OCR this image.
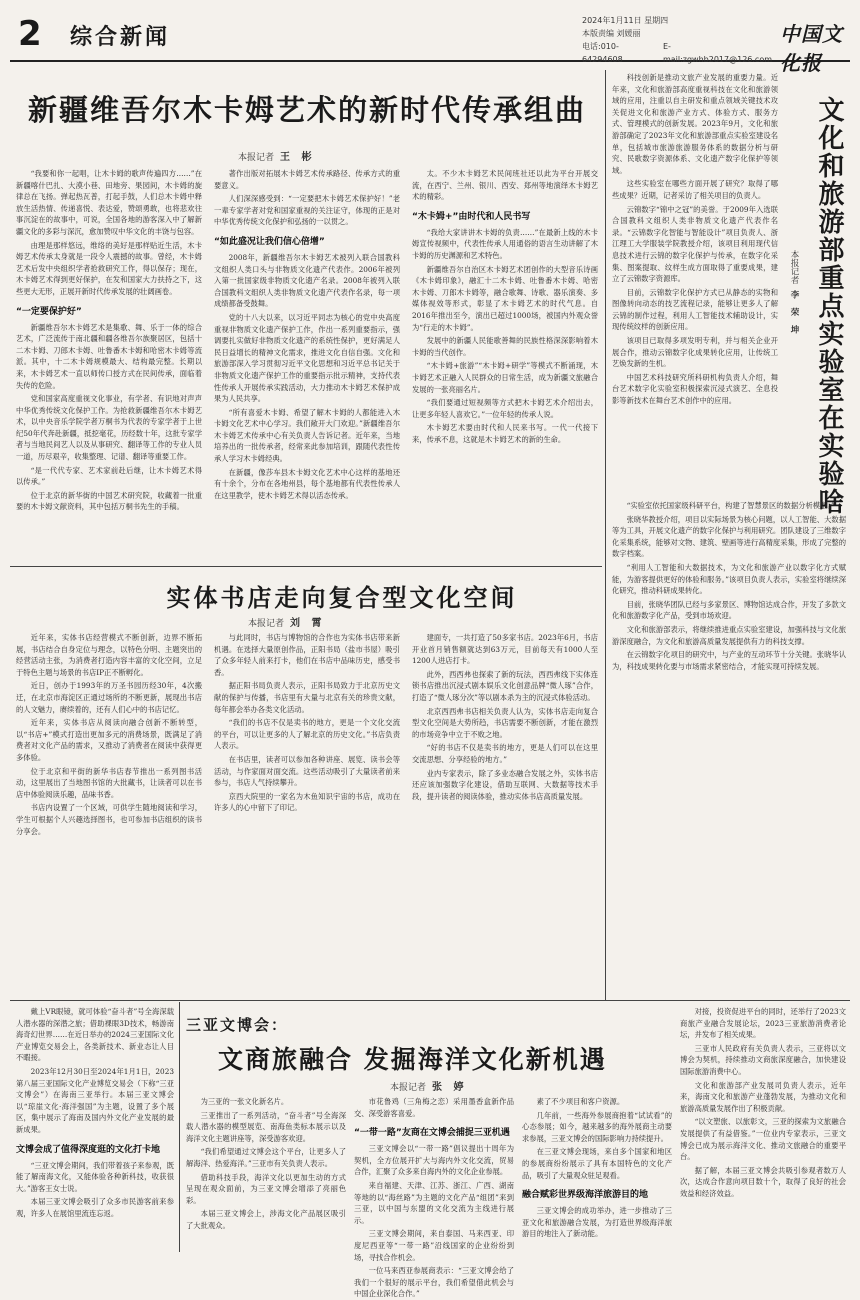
2 综合新闻
2024年1月11日 星期四
本版责编 刘媛丽
电话:010-64294608
E-mail:zgwhb2017@126.com
中国文化报
新疆维吾尔木卡姆艺术的新时代传承组曲
本报记者 王 彬

“我要和你一起唱，让木卡姆的歌声传遍四方……”在新疆喀什巴扎、大漠小巷、田地旁、果园间，木卡姆的旋律总在飞扬。弹起热瓦普，打起手鼓，人们总木卡姆中释放生活热情、传递喜悦、表达爱，赞颂勇敢，也将悲欢往事沉淀在的故事中，可说，全国各地的游客深入中了解新疆文化的多彩与深沉，愈加赞叹中华文化的丰饶与包容。

由理是那样悠远，维络的美好是那样贴近生活，木卡姆艺术传承太身就是一段令人震撼的故事。曾经，木卡姆艺术后发中央组织学者抢救研究工作，得以保存；现在，木卡姆艺术得到更好保护，在发和国家大力扶持之下，这些更大无形，正展开新时代传承发展的壮阔画卷。

“一定要保护好”

新疆维吾尔木卡姆艺术是集歌、舞、乐于一体的综合艺术，广泛流传于南北疆和疆各维吾尔族聚居区，包括十二木卡姆、刀郎木卡姆、吐鲁番木卡姆和哈密木卡姆等流派。其中，十二木卡姆规模最大、结构最完整。长期以来，木卡姆艺术一直以师传口授方式在民间传承，面临着失传的危险。

党和国家高度重视文化事业，有学者、有识地对声声中华优秀传统文化保护工作。为抢救新疆维吾尔木卡姆艺术，以中央音乐学院学者万桐书为代表的专家学者于上世纪50年代奔赴新疆，抵挖毫花，历经数十年，这批专家学者与当地民间艺人以及从事研究、翻译等工作的专业人员一道，历尽艰辛，收集整理、记谱、翻译等重要工作。

“是一代代专家、艺术家前赴后继，让木卡姆艺术得以传承。”

位于北京的新华街的中国艺术研究院，收藏着一批重要的木卡姆文献资料，其中包括万桐书先生的手稿。

著作出版对拓展木卡姆艺术传承路径、传承方式的重要意义。

人们深深感受到：“一定要把木卡姆艺术保护好！”老一辈专家学者对党和国家重视的关注证守，体现的正是对中华优秀传统文化保护和弘扬的一以贯之。

“如此盛况让我们信心倍增”

2008年，新疆维吾尔木卡姆艺术被列入联合国教科文组织人类口头与非物质文化遗产代表作。2006年被列入第一批国家级非物质文化遗产名录。2008年被列入联合国教科文组织人类非物质文化遗产代表作名录，每一项成绩都备受鼓舞。

党的十八大以来，以习近平同志为核心的党中央高度重视非物质文化遗产保护工作，作出一系列重要指示，强调要扎实做好非物质文化遗产的系统性保护，更好满足人民日益增长的精神文化需求，推进文化自信自强。文化和旅游部深入学习贯彻习近平文化思想和习近平总书记关于非物质文化遗产保护工作的重要指示批示精神，支持代表性传承人开展传承实践活动，大力推动木卡姆艺术保护成果为人民共享。

“所有喜爱木卡姆、希望了解木卡姆的人都能进入木卡姆文化艺术中心学习。我们敞开大门欢迎。”新疆维吾尔木卡姆艺术传承中心有关负责人告诉记者。近年来，当地培养出的一批传承者，经常来此参加培训，跟随代表性传承人学习木卡姆经典。

在新疆，像莎车县木卡姆文化艺术中心这样的基地还有十余个，分布在各地州县，每个基地都有代表性传承人在这里教学，使木卡姆艺术得以活态传承。

太。不少木卡姆艺术民间班社还以此为平台开展交流，在西宁、兰州、银川、西安、郑州等地演绎木卡姆艺术的精彩。

“木卡姆+”由时代和人民书写

“我给大家讲讲木卡姆的负责……”在最新上线的木卡姆宣传视频中，代表性传承人用通俗的语言生动讲解了木卡姆的历史渊源和艺术特色。

新疆维吾尔自治区木卡姆艺术团创作的大型音乐诗画《木卡姆印象》，融汇十二木卡姆、吐鲁番木卡姆、哈密木卡姆、刀郎木卡姆等，融合歌舞、诗歌、器乐演奏、多媒体视效等形式，彰显了木卡姆艺术的时代气息。自2016年推出至今，演出已超过1000场，被国内外观众誉为“行走的木卡姆”。

发展中的新疆人民能歌善舞的民族性格深深影响着木卡姆的当代创作。

“木卡姆+旅游”“木卡姆+研学”等模式不断涌现，木卡姆艺术正融入人民群众的日常生活，成为新疆文旅融合发展的一张亮丽名片。

“我们要通过短视频等方式把木卡姆艺术介绍出去，让更多年轻人喜欢它。”一位年轻的传承人说。

木卡姆艺术要由时代和人民来书写。一代一代接下来，传承不息，这就是木卡姆艺术的新的生命。	文化和旅游部重点实验室在实验啥
本报记者李 荣 坤

科技创新是推动文旅产业发展的重要力量。近年来，文化和旅游部高度重视科技在文化和旅游领域的应用，注重以自主研发和重点领域关键技术攻关促进文化和旅游产业方式、体验方式、服务方式、管理模式的创新发展。2023年9月，文化和旅游部确定了2023年文化和旅游部重点实验室建设名单，包括城市旅游旅游服务体系的数据分析与研究、民歌数字资源体系、文化遗产数字化保护等领域。

这些实验室在哪些方面开展了研究？取得了哪些成果？近期，记者采访了相关项目的负责人。

云锦数字“锦中之冠”的美誉。于2009年入选联合国教科文组织人类非物质文化遗产代表作名录。“云锦数字化智能与智能设计”项目负责人、浙江理工大学服装学院教授介绍，该项目利用现代信息技术进行云锦的数字化保护与传承，在数字化采集、图案提取、纹样生成方面取得了重要成果，建立了云锦数字资源库。

目前，云锦数字化保护方式已从静态的实物和图像转向动态的技艺流程记录，能够让更多人了解云锦的制作过程，利用人工智能技术辅助设计，实现传统纹样的创新应用。

该项目已取得多项发明专利，并与相关企业开展合作，推动云锦数字化成果转化应用，让传统工艺焕发新的生机。

中国艺术科技研究所科研机构负责人介绍，舞台艺术数字化实验室积极探索沉浸式演艺、全息投影等新技术在舞台艺术创作中的应用。

“实验室依托国家级科研平台，构建了智慧景区的数据分析模型。”

张晓华教授介绍，项目以实际场景为核心问题，以人工智能、大数据等为工具，开展文化遗产的数字化保护与利用研究。团队建设了三维数字化采集系统，能够对文物、建筑、壁画等进行高精度采集，形成了完整的数字档案。

“利用人工智能和大数据技术，为文化和旅游产业以数字化方式赋能，为游客提供更好的体验和服务。”该项目负责人表示，实验室将继续深化研究，推动科研成果转化。

目前，张晓华团队已经与多家景区、博物馆达成合作，开发了多款文化和旅游数字化产品，受到市场欢迎。

文化和旅游部表示，将继续推进重点实验室建设，加强科技与文化旅游深度融合，为文化和旅游高质量发展提供有力的科技支撑。

在云锦数字化项目的研究中，与产业的互动环节十分关键。张晓华认为，科技成果转化要与市场需求紧密结合，才能实现可持续发展。

实体书店走向复合型文化空间
本报记者 刘 霄

近年来，实体书店经营模式不断创新，边界不断拓展，书店结合自身定位与理念，以特色分明、主题突出的经营活动主张，为消费者打造内容丰富的文化空间，立足于特色主题与场景的书店IP正不断孵化。

近日，创办于1993年的万圣书园历经30年，4次搬迁，在北京市海淀区正通过场所的不断更新，展现出书店的人文魅力，赓续着的，还有人们心中的书店记忆。

近年来，实体书店从阅读向融合创新不断转型，以“书店+”模式打造出更加多元的消费场景，既满足了消费者对文化产品的需求，又推动了消费者在阅读中获得更多体验。

位于北京和平街的新华书店春节推出一系列图书活动，这里展出了当地图书馆的大批藏书，让读者可以在书店中体验阅读乐趣，品味书香。

书店内设置了一个区域，可供学生随地阅读和学习，学生可根据个人兴趣选择图书，也可参加书店组织的读书分享会。

与此同时，书店与博物馆的合作也为实体书店带来新机遇。在选择大量原创作品，正阳书局（盐市书屋）吸引了众多年轻人前来打卡，他们在书店中品味历史，感受书香。

据正阳书局负责人表示，正阳书局致力于北京历史文献的保护与传播，书店里有大量与北京有关的珍贵文献，每年都会举办各类文化活动。

“我们的书店不仅是卖书的地方，更是一个文化交流的平台，可以让更多的人了解北京的历史文化。”书店负责人表示。

在书店里，读者可以参加各种讲座、展览、读书会等活动，与作家面对面交流。这些活动吸引了大量读者前来参与，书店人气持续攀升。

京西大院里的一家名为木鱼知识宇宙的书店，成功在许多人的心中留下了印记。

建面专，一共打造了50多家书店。2023年6月，书店开业首月销售额就达到63万元，目前每天有1000人至1200人进店打卡。

此外，西西弗也探索了新的玩法，西西弗线下实体连锁书店推出沉浸式剧本娱乐文化创意品牌“微人琢”合作，打造了“微人琢分次”等以剧本杀为主的沉浸式体验活动。

北京西西弗书店相关负责人认为，实体书店走向复合型文化空间是大势所趋，书店需要不断创新，才能在激烈的市场竞争中立于不败之地。

“好的书店不仅是卖书的地方，更是人们可以在这里交流思想、分享经验的地方。”

业内专家表示，除了多业态融合发展之外，实体书店还应该加强数字化建设，借助互联网、大数据等技术手段，提升读者的阅读体验，推动实体书店高质量发展。

戴上VR眼镜，就可体验“奋斗者”号全海深载人潜水器的深潜之旅；借助裸眼3D技术，畅游南海奇幻世界……在近日举办的2024三亚国际文化产业博览交易会上，各类新技术、新业态让人目不暇接。

2023年12月30日至2024年1月1日，2023第八届三亚国际文化产业博览交易会（下称“三亚文博会”）在海南三亚举行。本届三亚文博会以“琼崖文化·海洋强国”为主题，设置了多个展区，集中展示了海南及国内外文化产业发展的最新成果。

文博会成了值得深度逛的文化打卡地

“三亚文博会期间，我们带着孩子来参观，既能了解南海文化，又能体验各种新科技，收获很大。”游客王女士说。

本届三亚文博会吸引了众多市民游客前来参观，许多人在展馆里流连忘返。

三亚文博会：
文商旅融合 发掘海洋文化新机遇
本报记者 张 婷

为三亚的一张文化新名片。

三亚推出了一系列活动，“奋斗者”号全海深载人潜水器的模型展览、南海鱼类标本展示以及海洋文化主题讲座等，深受游客欢迎。

“我们希望通过文博会这个平台，让更多人了解海洋、热爱海洋。”三亚市有关负责人表示。

借助科技手段，海洋文化以更加生动的方式呈现在观众面前，为三亚文博会增添了亮丽色彩。

本届三亚文博会上，涉海文化产品展区吸引了大批观众。

市花鲁鸡（三角梅之恋）采用墨香盒新作品交、深受游客喜爱。

“一带一路”友商在文博会捕捉三亚机遇

三亚文博会以“一带一路”倡议提出十周年为契机，全方位展开扩大与海内外文化交流，贸易合作，汇聚了众多来自海内外的文化企业参展。

来自福建、天津、江苏、浙江、广西、湖南等地的以“海丝路”为主题的文化产品“组团”来到三亚，以中国与东盟的文化交流为主线进行展示。

三亚文博会期间，来自泰国、马来西亚、印度尼西亚等“一带一路”沿线国家的企业纷纷到场，寻找合作机会。

一位马来西亚参展商表示：“三亚文博会给了我们一个很好的展示平台，我们希望借此机会与中国企业深化合作。”

素了不少项目和客户资源。

几年前，一些海外参展商抱着“试试看”的心态参展；如今，越来越多的海外展商主动要求参展，三亚文博会的国际影响力持续提升。

在三亚文博会现场，来自多个国家和地区的参展商纷纷展示了具有本国特色的文化产品，吸引了大量观众驻足观看。

融合赋彩世界级海洋旅游目的地

三亚文博会的成功举办，进一步推动了三亚文化和旅游融合发展，为打造世界级海洋旅游目的地注入了新动能。

对接，投资促进平台的同时，还举行了2023文商旅产业融合发展论坛，2023三亚旅游消费者论坛，并发布了相关成果。

三亚市人民政府有关负责人表示，三亚将以文博会为契机，持续推动文商旅深度融合，加快建设国际旅游消费中心。

文化和旅游部产业发展司负责人表示，近年来，海南文化和旅游产业蓬勃发展，为推动文化和旅游高质量发展作出了积极贡献。

“以文塑旅、以旅彰文，三亚的探索为文旅融合发展提供了有益借鉴。”一位业内专家表示，三亚文博会已成为展示海洋文化、推动文旅融合的重要平台。

据了解，本届三亚文博会共吸引参观者数万人次，达成合作意向项目数十个，取得了良好的社会效益和经济效益。
